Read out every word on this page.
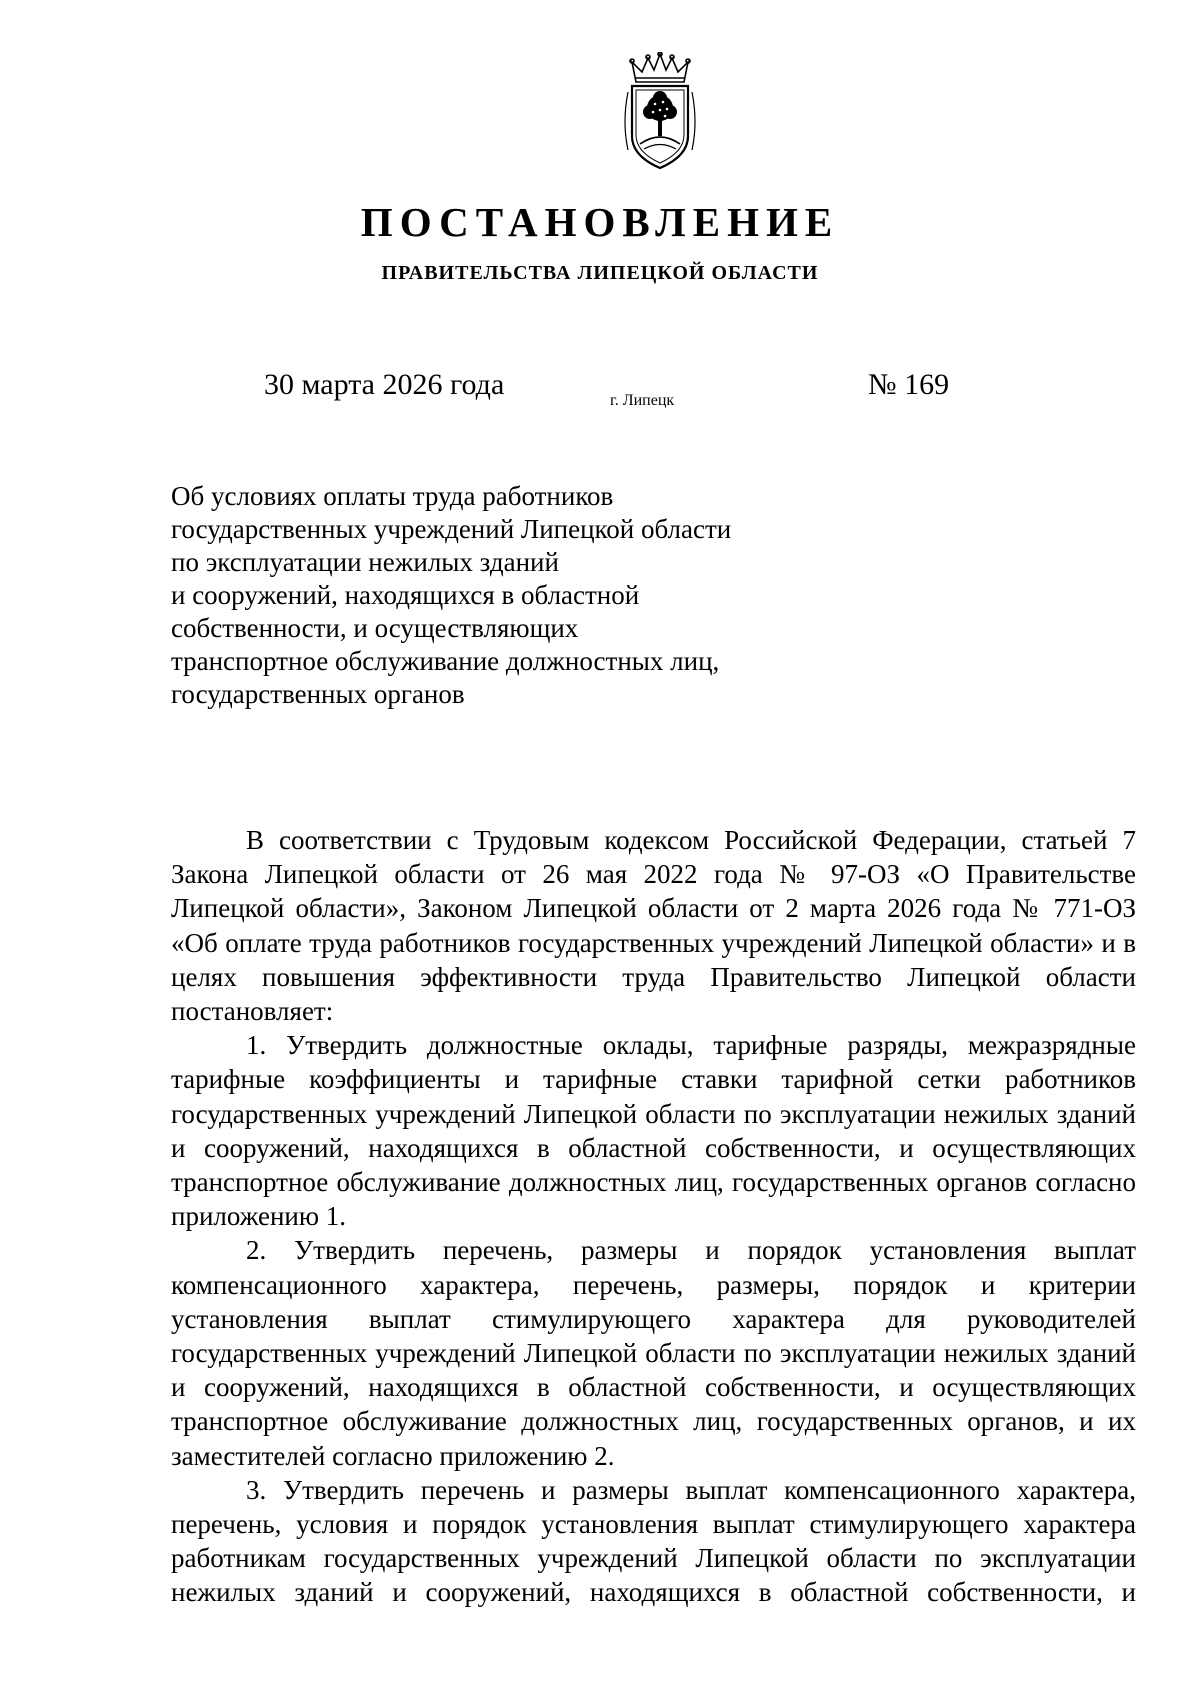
ПОСТАНОВЛЕНИЕ
ПРАВИТЕЛЬСТВА ЛИПЕЦКОЙ ОБЛАСТИ
30 марта 2026 года	г. Липецк	№ 169
Об условиях оплаты труда работников
государственных учреждений Липецкой области
по эксплуатации нежилых зданий
и сооружений, находящихся в областной
собственности, и осуществляющих
транспортное обслуживание должностных лиц,
государственных органов

В соответствии с Трудовым кодексом Российской Федерации, статьей 7 Закона Липецкой области от 26 мая 2022 года № 97-ОЗ «О Правительстве Липецкой области», Законом Липецкой области от 2 марта 2026 года № 771-ОЗ «Об оплате труда работников государственных учреждений Липецкой области» и в целях повышения эффективности труда Правительство Липецкой области постановляет:

1. Утвердить должностные оклады, тарифные разряды, межразрядные тарифные коэффициенты и тарифные ставки тарифной сетки работников государственных учреждений Липецкой области по эксплуатации нежилых зданий и сооружений, находящихся в областной собственности, и осуществляющих транспортное обслуживание должностных лиц, государственных органов согласно приложению 1.

2. Утвердить перечень, размеры и порядок установления выплат компенсационного характера, перечень, размеры, порядок и критерии установления выплат стимулирующего характера для руководителей государственных учреждений Липецкой области по эксплуатации нежилых зданий и сооружений, находящихся в областной собственности, и осуществляющих транспортное обслуживание должностных лиц, государственных органов, и их заместителей согласно приложению 2.

3. Утвердить перечень и размеры выплат компенсационного характера, перечень, условия и порядок установления выплат стимулирующего характера работникам государственных учреждений Липецкой области по эксплуатации нежилых зданий и сооружений, находящихся в областной собственности, и
